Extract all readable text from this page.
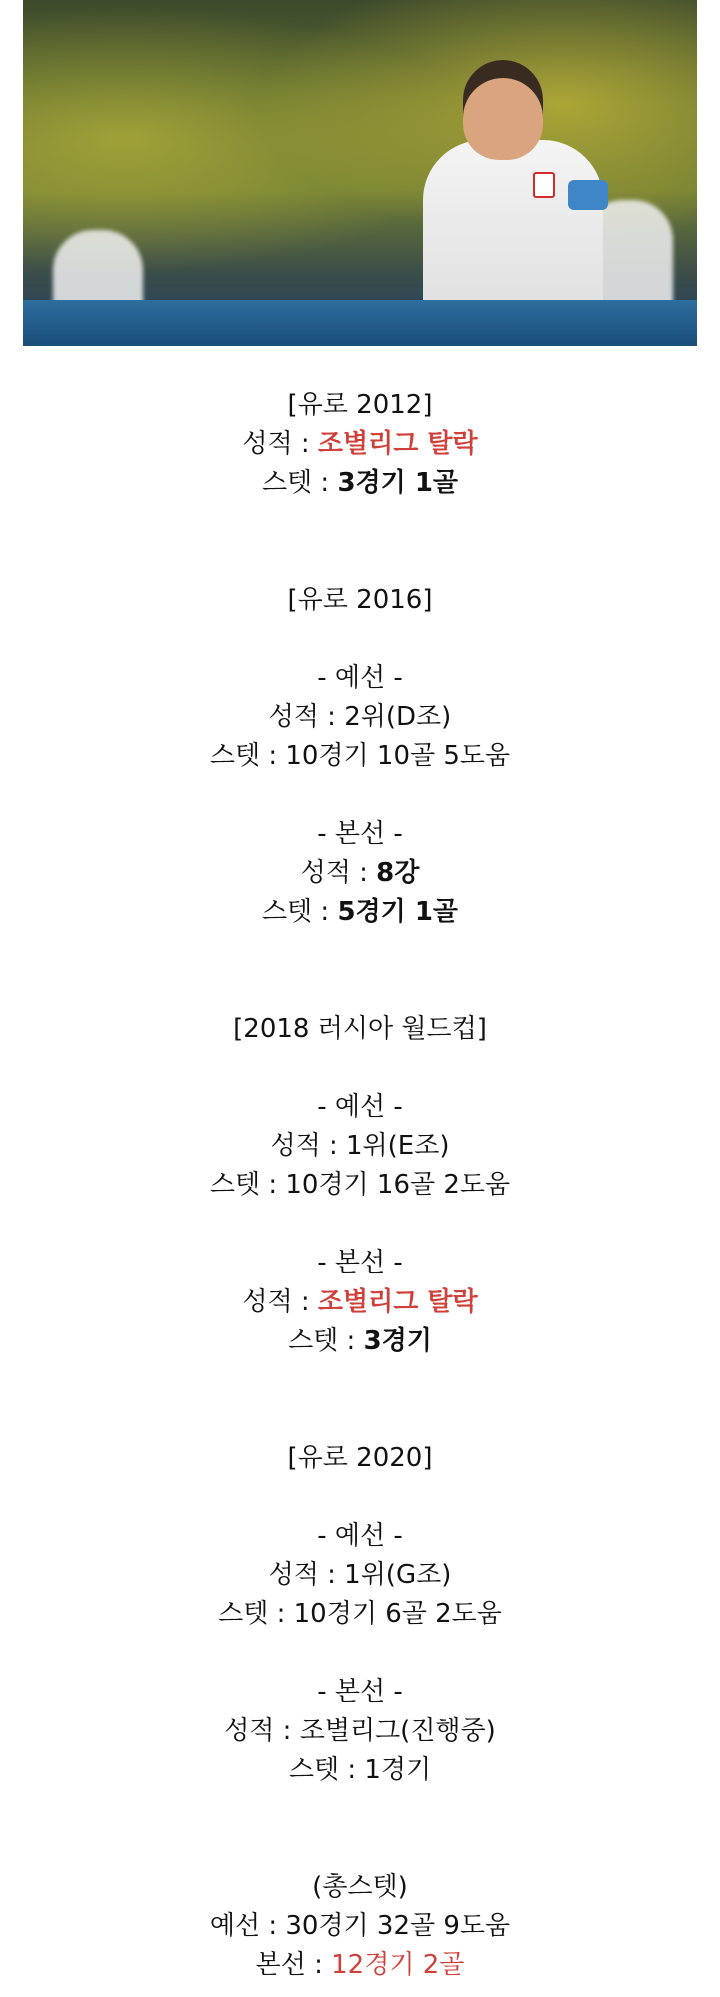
[유로 2012]
성적 : 조별리그 탈락
스텟 : 3경기 1골
[유로 2016]
- 예선 -
성적 : 2위(D조)
스텟 : 10경기 10골 5도움
- 본선 -
성적 : 8강
스텟 : 5경기 1골
[2018 러시아 월드컵]
- 예선 -
성적 : 1위(E조)
스텟 : 10경기 16골 2도움
- 본선 -
성적 : 조별리그 탈락
스텟 : 3경기
[유로 2020]
- 예선 -
성적 : 1위(G조)
스텟 : 10경기 6골 2도움
- 본선 -
성적 : 조별리그(진행중)
스텟 : 1경기
(총스텟)
예선 : 30경기 32골 9도움
본선 : 12경기 2골
